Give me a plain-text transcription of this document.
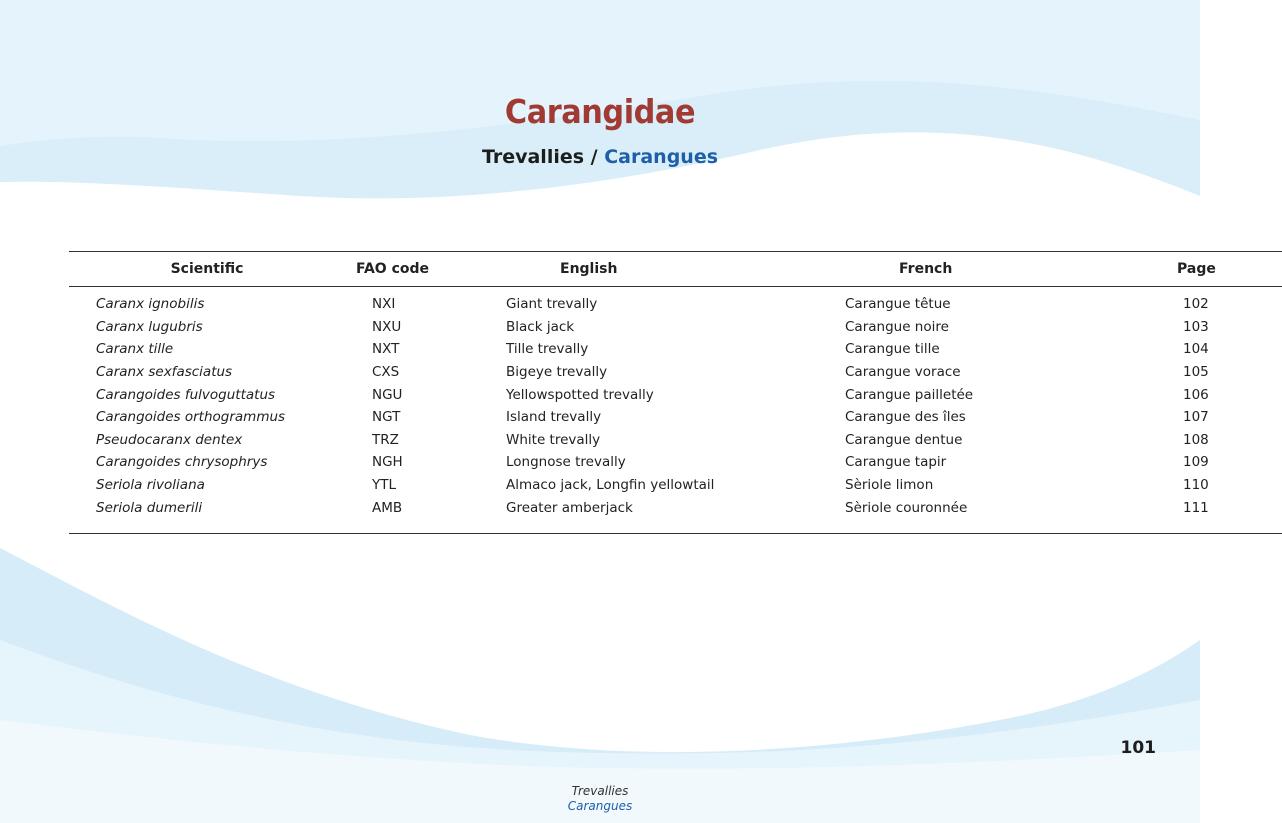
Carangidae
Trevallies / Carangues
Scientific	FAO code	English	French	Page
Caranx ignobilis	NXI	Giant trevally	Carangue têtue	102
Caranx lugubris	NXU	Black jack	Carangue noire	103
Caranx tille	NXT	Tille trevally	Carangue tille	104
Caranx sexfasciatus	CXS	Bigeye trevally	Carangue vorace	105
Carangoides fulvoguttatus	NGU	Yellowspotted trevally	Carangue pailletée	106
Carangoides orthogrammus	NGT	Island trevally	Carangue des îles	107
Pseudocaranx dentex	TRZ	White trevally	Carangue dentue	108
Carangoides chrysophrys	NGH	Longnose trevally	Carangue tapir	109
Seriola rivoliana	YTL	Almaco jack, Longfin yellowtail	Sèriole limon	110
Seriola dumerili	AMB	Greater amberjack	Sèriole couronnée	111
101
Trevallies
Carangues
